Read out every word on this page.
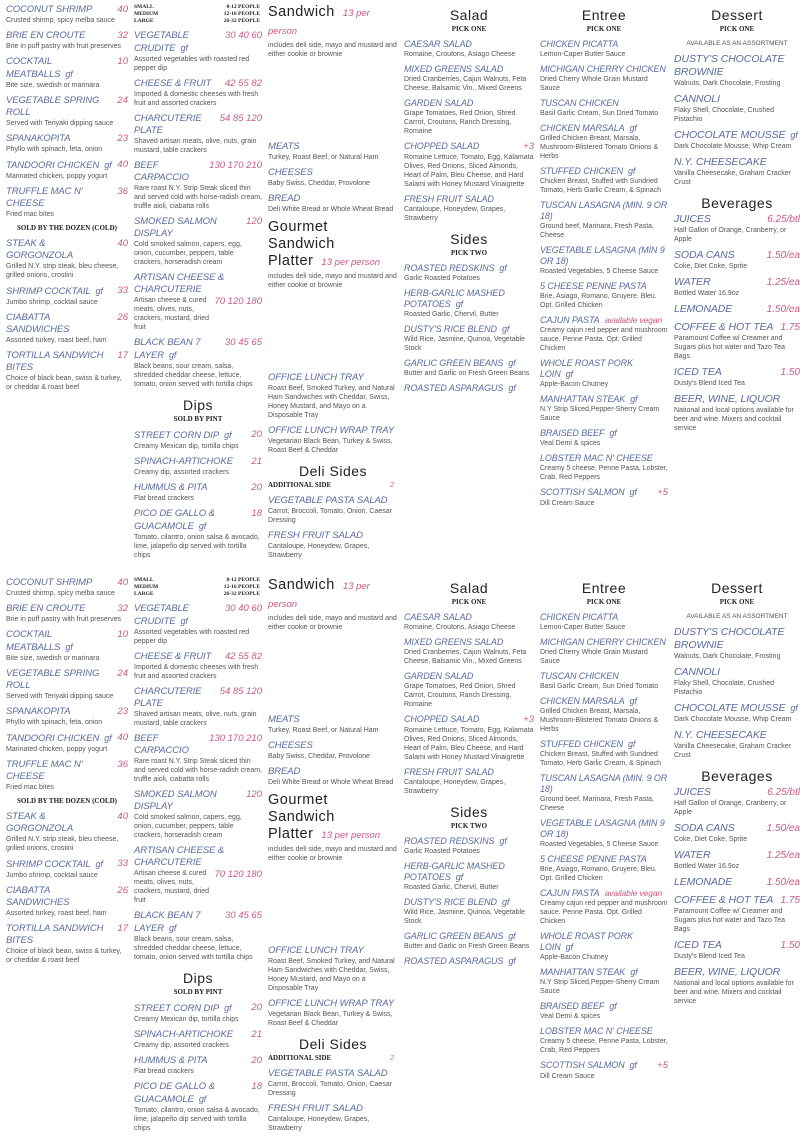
COCONUT SHRIMP	40
Crusted shirmp, spicy melba sauce
BRIE EN CROUTE	32
Brie in puff pastry with fruit preserves
COCKTAIL MEATBALLS gf
10
Bite size, swedish or marinara
VEGETABLE SPRING ROLL
24
Served with Teriyaki dipping sauce
SPANAKOPITA	23
Phyllo with spinach, feta, onion
TANDOORI CHICKEN gf 40
Marinated chicken, poppy yogurt
TRUFFLE MAC N' CHEESE
36
Fried mac bites
SOLD BY THE DOZEN (COLD)
STEAK & GORGONZOLA
40
Grilled N.Y. strip steak, bleu cheese, grilled onions, crostini
SHRIMP COCKTAIL gf	33
Jumbo shrimp, cocktail sauce
CIABATTA SANDWICHES
26
Assorted turkey, roast beef, ham
TORTILLA SANDWICH BITES
17
Choice of black bean, swiss & turkey, or cheddar & roast beef
SMALL	8-12 PEOPLE
MEDIUM	12-16 PEOPLE
LARGE	26-32 PEOPLE
VEGETABLE CRUDITE gf
30 40 60
Assorted vegetables with roasted red pepper dip
CHEESE & FRUIT	42 55 82
Imported & domestic cheeses with fresh fruit and assorted crackers
CHARCUTERIE PLATE
54 85 120
Shaved artisan meats, olive, nuts, grain mustard, table crackers
BEEF CARPACCIO
130 170 210
Rare roast N.Y. Strip Steak sliced thin and served cold with horse-radish cream, truffle aioli, ciabatta rolls
SMOKED SALMON DISPLAY
120
Cold smoked salmon, capers, egg, onion, cucumber, peppers, table crackers, horseradish cream
ARTISAN CHEESE & CHARCUTERIE
Artisan cheese & cured meats, olives, nuts, crackers, mustard, dried fruit
70 120 180
BLACK BEAN 7 LAYER gf
30 45 65
Black beans, sour cream, salsa, shredded cheddar cheese, lettuce, tomato, onion served with tortilla chips
Dips
SOLD BY PINT
STREET CORN DIP gf	20
Creamy Mexican dip, tortilla chips
SPINACH-ARTICHOKE	21
Creamy dip, assorted crackers
HUMMUS & PITA	20
Flat bread crackers
PICO DE GALLO & GUACAMOLE gf
18
Tomato, cilantro, onion salsa & avocado, lime, jalapeño dip served with tortilla chips
Sandwich 13 per person
includes deli side, mayo and mustard and either cookie or brownie
MEATS
Turkey, Roast Beef, or Natural Ham
CHEESES
Baby Swiss, Cheddar, Provolone
BREAD
Deli White Bread or Whole Wheat Bread
Gourmet Sandwich Platter 13 per person
includes deli side, mayo and mustard and either cookie or brownie
OFFICE LUNCH TRAY
Roast Beef, Smoked Turkey, and Natural Ham Sandwiches with Cheddar, Swiss, Honey Mustard, and Mayo on a Disposable Tray
OFFICE LUNCH WRAP TRAY
Vegetarian Black Bean, Turkey & Swiss, Roast Beef & Cheddar
Deli Sides
ADDITIONAL SIDE	2
VEGETABLE PASTA SALAD
Carrot, Broccoli, Tomato, Onion, Caesar Dressing
FRESH FRUIT SALAD
Cantaloupe, Honeydew, Grapes, Strawberry
Salad
PICK ONE
CAESAR SALAD
Romaine, Croutons, Asiago Cheese
MIXED GREENS SALAD
Dried Cranberries, Cajun Walnuts, Feta Cheese, Balsamic Vin., Mixed Greens
GARDEN SALAD
Grape Tomatoes, Red Onion, Shred Carrot, Croutons, Ranch Dressing, Romaine
CHOPPED SALAD	+3
Romaine Lettuce, Tomato, Egg, Kalamata Olives, Red Onions, Sliced Almonds, Heart of Palm, Bleu Cheese, and Hard Salami with Honey Mustard Vinaigrette
FRESH FRUIT SALAD
Cantaloupe, Honeydew, Grapes, Strawberry
Sides
PICK TWO
ROASTED REDSKINS gf
Garlic Roasted Potatoes
HERB-GARLIC MASHED POTATOES gf
Roasted Garlic, Chervil, Butter
DUSTY'S RICE BLEND gf
Wild Rice, Jasmine, Quinoa, Vegetable Stock
GARLIC GREEN BEANS gf
Butter and Garlic on Fresh Green Beans
ROASTED ASPARAGUS gf
Entree
PICK ONE
CHICKEN PICATTA
Lemon-Caper Butter Sauce
MICHIGAN CHERRY CHICKEN
Dried Cherry Whole Grain Mustard Sauce
TUSCAN CHICKEN
Basil Garlic Cream, Sun Dried Tomato
CHICKEN MARSALA gf
Grilled Chicken Breast, Marsala, Mushroom-Blistered Tomato Onions & Herbs
STUFFED CHICKEN gf
Chicken Breast, Stuffed with Sundried Tomato, Herb Garlic Cream, & Spinach
TUSCAN LASAGNA (MIN. 9 OR 18)
Ground beef, Marinara, Fresh Pasta, Cheese
VEGETABLE LASAGNA (MIN 9 OR 18)
Roasted Vegetables, 5 Cheese Sauce
5 CHEESE PENNE PASTA
Brie, Asiago, Romano, Gruyere, Bleu. Opt. Grilled Chicken
CAJUN PASTA available vegan
Creamy cajun red pepper and mushroom sauce. Penne Pasta. Opt. Grilled Chicken
WHOLE ROAST PORK LOIN gf
Apple-Bacon Chutney
MANHATTAN STEAK gf
N.Y Strip Sliced,Pepper-Sherry Cream Sauce
BRAISED BEEF gf
Veal Demi & spices
LOBSTER MAC N' CHEESE
Creamy 5 cheese, Penne Pasta, Lobster, Crab, Red Peppers
SCOTTISH SALMON gf	+5
Dill Cream Sauce
Dessert
PICK ONE
AVAILABLE AS AN ASSORTMENT
DUSTY'S CHOCOLATE BROWNIE
Walnuts, Dark Chocolate, Frosting
CANNOLI
Flaky Shell, Chocolate, Crushed Pistachio
CHOCOLATE MOUSSE gf
Dark Chocolate Mousse, Whip Cream
N.Y. CHEESECAKE
Vanilla Cheesecake, Graham Cracker Crust
Beverages
JUICES	6.25/btl
Half Gallon of Orange, Cranberry, or Apple
SODA CANS	1.50/ea
Coke, Diet Coke, Sprite
WATER	1.25/ea
Bottled Water 16.9oz
LEMONADE	1.50/ea
COFFEE & HOT TEA 1.75
Paramount Coffee w/ Creamer and Sugars plus hot water and Tazo Tea Bags
ICED TEA	1.50
Dusty's Blend Iced Tea
BEER, WINE, LIQUOR
National and local options available for beer and wine. Mixers and cocktail service
COCONUT SHRIMP	40
Crusted shirmp, spicy melba sauce
BRIE EN CROUTE	32
Brie in puff pastry with fruit preserves
COCKTAIL MEATBALLS gf
10
Bite size, swedish or marinara
VEGETABLE SPRING ROLL
24
Served with Teriyaki dipping sauce
SPANAKOPITA	23
Phyllo with spinach, feta, onion
TANDOORI CHICKEN gf 40
Marinated chicken, poppy yogurt
TRUFFLE MAC N' CHEESE
36
Fried mac bites
SOLD BY THE DOZEN (COLD)
STEAK & GORGONZOLA
40
Grilled N.Y. strip steak, bleu cheese, grilled onions, crostini
SHRIMP COCKTAIL gf	33
Jumbo shrimp, cocktail sauce
CIABATTA SANDWICHES
26
Assorted turkey, roast beef, ham
TORTILLA SANDWICH BITES
17
Choice of black bean, swiss & turkey, or cheddar & roast beef
SMALL	8-12 PEOPLE
MEDIUM	12-16 PEOPLE
LARGE	26-32 PEOPLE
VEGETABLE CRUDITE gf
30 40 60
Assorted vegetables with roasted red pepper dip
CHEESE & FRUIT	42 55 82
Imported & domestic cheeses with fresh fruit and assorted crackers
CHARCUTERIE PLATE
54 85 120
Shaved artisan meats, olive, nuts, grain mustard, table crackers
BEEF CARPACCIO
130 170 210
Rare roast N.Y. Strip Steak sliced thin and served cold with horse-radish cream, truffle aioli, ciabatta rolls
SMOKED SALMON DISPLAY
120
Cold smoked salmon, capers, egg, onion, cucumber, peppers, table crackers, horseradish cream
ARTISAN CHEESE & CHARCUTERIE
Artisan cheese & cured meats, olives, nuts, crackers, mustard, dried fruit
70 120 180
BLACK BEAN 7 LAYER gf
30 45 65
Black beans, sour cream, salsa, shredded cheddar cheese, lettuce, tomato, onion served with tortilla chips
Dips
SOLD BY PINT
STREET CORN DIP gf	20
Creamy Mexican dip, tortilla chips
SPINACH-ARTICHOKE	21
Creamy dip, assorted crackers
HUMMUS & PITA	20
Flat bread crackers
PICO DE GALLO & GUACAMOLE gf
18
Tomato, cilantro, onion salsa & avocado, lime, jalapeño dip served with tortilla chips
Sandwich 13 per person
includes deli side, mayo and mustard and either cookie or brownie
MEATS
Turkey, Roast Beef, or Natural Ham
CHEESES
Baby Swiss, Cheddar, Provolone
BREAD
Deli White Bread or Whole Wheat Bread
Gourmet Sandwich Platter 13 per person
includes deli side, mayo and mustard and either cookie or brownie
OFFICE LUNCH TRAY
Roast Beef, Smoked Turkey, and Natural Ham Sandwiches with Cheddar, Swiss, Honey Mustard, and Mayo on a Disposable Tray
OFFICE LUNCH WRAP TRAY
Vegetarian Black Bean, Turkey & Swiss, Roast Beef & Cheddar
Deli Sides
ADDITIONAL SIDE	2
VEGETABLE PASTA SALAD
Carrot, Broccoli, Tomato, Onion, Caesar Dressing
FRESH FRUIT SALAD
Cantaloupe, Honeydew, Grapes, Strawberry
Salad
PICK ONE
CAESAR SALAD
Romaine, Croutons, Asiago Cheese
MIXED GREENS SALAD
Dried Cranberries, Cajun Walnuts, Feta Cheese, Balsamic Vin., Mixed Greens
GARDEN SALAD
Grape Tomatoes, Red Onion, Shred Carrot, Croutons, Ranch Dressing, Romaine
CHOPPED SALAD	+3
Romaine Lettuce, Tomato, Egg, Kalamata Olives, Red Onions, Sliced Almonds, Heart of Palm, Bleu Cheese, and Hard Salami with Honey Mustard Vinaigrette
FRESH FRUIT SALAD
Cantaloupe, Honeydew, Grapes, Strawberry
Sides
PICK TWO
ROASTED REDSKINS gf
Garlic Roasted Potatoes
HERB-GARLIC MASHED POTATOES gf
Roasted Garlic, Chervil, Butter
DUSTY'S RICE BLEND gf
Wild Rice, Jasmine, Quinoa, Vegetable Stock
GARLIC GREEN BEANS gf
Butter and Garlic on Fresh Green Beans
ROASTED ASPARAGUS gf
Entree
PICK ONE
CHICKEN PICATTA
Lemon-Caper Butter Sauce
MICHIGAN CHERRY CHICKEN
Dried Cherry Whole Grain Mustard Sauce
TUSCAN CHICKEN
Basil Garlic Cream, Sun Dried Tomato
CHICKEN MARSALA gf
Grilled Chicken Breast, Marsala, Mushroom-Blistered Tomato Onions & Herbs
STUFFED CHICKEN gf
Chicken Breast, Stuffed with Sundried Tomato, Herb Garlic Cream, & Spinach
TUSCAN LASAGNA (MIN. 9 OR 18)
Ground beef, Marinara, Fresh Pasta, Cheese
VEGETABLE LASAGNA (MIN 9 OR 18)
Roasted Vegetables, 5 Cheese Sauce
5 CHEESE PENNE PASTA
Brie, Asiago, Romano, Gruyere, Bleu. Opt. Grilled Chicken
CAJUN PASTA available vegan
Creamy cajun red pepper and mushroom sauce. Penne Pasta. Opt. Grilled Chicken
WHOLE ROAST PORK LOIN gf
Apple-Bacon Chutney
MANHATTAN STEAK gf
N.Y Strip Sliced,Pepper-Sherry Cream Sauce
BRAISED BEEF gf
Veal Demi & spices
LOBSTER MAC N' CHEESE
Creamy 5 cheese, Penne Pasta, Lobster, Crab, Red Peppers
SCOTTISH SALMON gf	+5
Dill Cream Sauce
Dessert
PICK ONE
AVAILABLE AS AN ASSORTMENT
DUSTY'S CHOCOLATE BROWNIE
Walnuts, Dark Chocolate, Frosting
CANNOLI
Flaky Shell, Chocolate, Crushed Pistachio
CHOCOLATE MOUSSE gf
Dark Chocolate Mousse, Whip Cream
N.Y. CHEESECAKE
Vanilla Cheesecake, Graham Cracker Crust
Beverages
JUICES	6.25/btl
Half Gallon of Orange, Cranberry, or Apple
SODA CANS	1.50/ea
Coke, Diet Coke, Sprite
WATER	1.25/ea
Bottled Water 16.9oz
LEMONADE	1.50/ea
COFFEE & HOT TEA 1.75
Paramount Coffee w/ Creamer and Sugars plus hot water and Tazo Tea Bags
ICED TEA	1.50
Dusty's Blend Iced Tea
BEER, WINE, LIQUOR
National and local options available for beer and wine. Mixers and cocktail service
